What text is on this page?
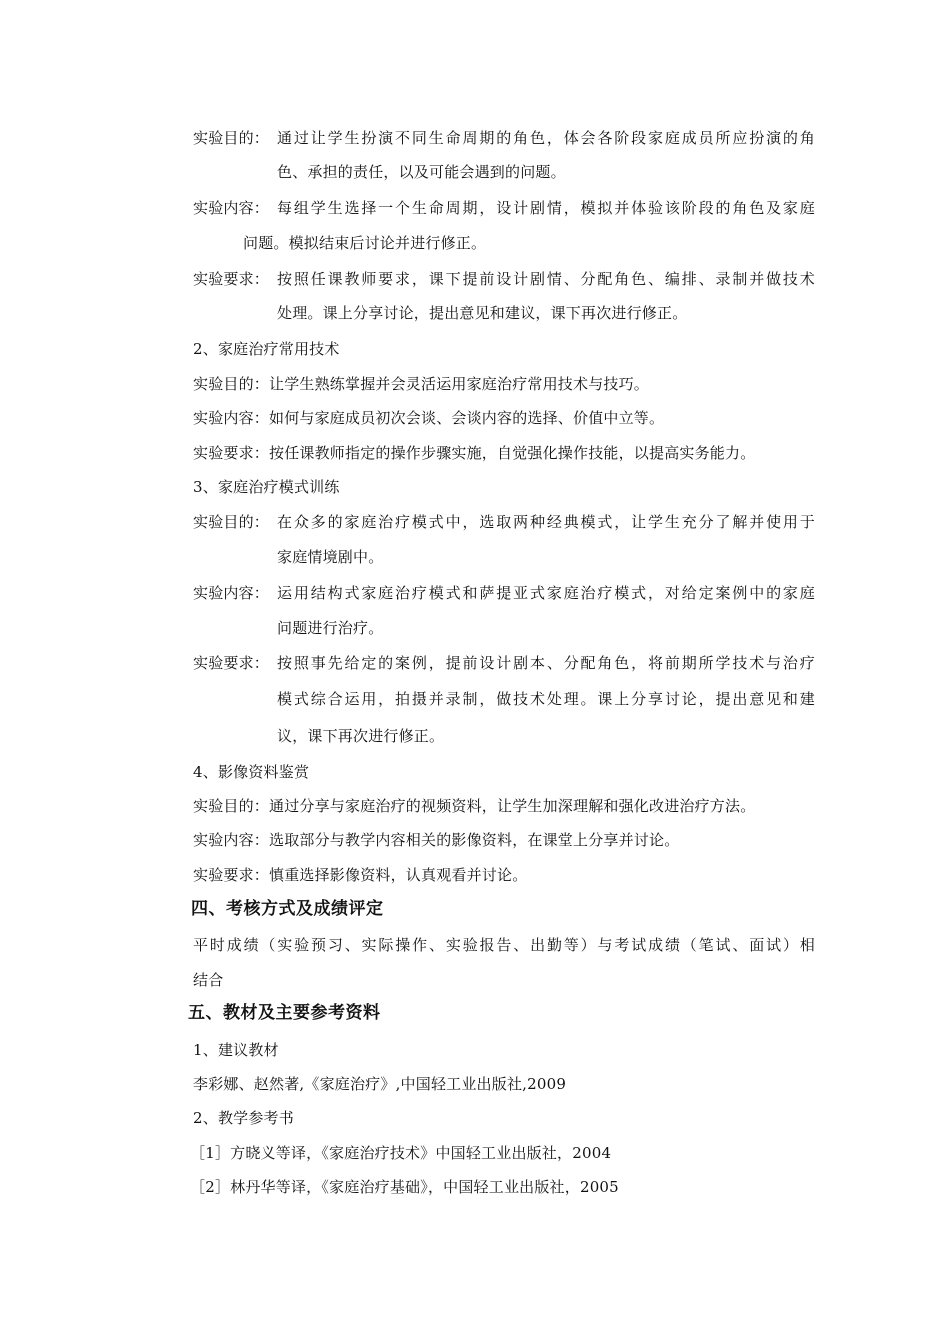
实验目的： 通过让学生扮演不同生命周期的角色，体会各阶段家庭成员所应扮演的角
色、承担的责任，以及可能会遇到的问题。
实验内容： 每组学生选择一个生命周期，设计剧情，模拟并体验该阶段的角色及家庭
问题。模拟结束后讨论并进行修正。
实验要求： 按照任课教师要求，课下提前设计剧情、分配角色、编排、录制并做技术
处理。课上分享讨论，提出意见和建议，课下再次进行修正。
2、家庭治疗常用技术
实验目的：让学生熟练掌握并会灵活运用家庭治疗常用技术与技巧。
实验内容：如何与家庭成员初次会谈、会谈内容的选择、价值中立等。
实验要求：按任课教师指定的操作步骤实施，自觉强化操作技能，以提高实务能力。
3、家庭治疗模式训练
实验目的： 在众多的家庭治疗模式中，选取两种经典模式，让学生充分了解并使用于
家庭情境剧中。
实验内容： 运用结构式家庭治疗模式和萨提亚式家庭治疗模式，对给定案例中的家庭
问题进行治疗。
实验要求： 按照事先给定的案例，提前设计剧本、分配角色，将前期所学技术与治疗
模式综合运用，拍摄并录制，做技术处理。课上分享讨论，提出意见和建
议，课下再次进行修正。
4、影像资料鉴赏
实验目的：通过分享与家庭治疗的视频资料，让学生加深理解和强化改进治疗方法。
实验内容：选取部分与教学内容相关的影像资料，在课堂上分享并讨论。
实验要求：慎重选择影像资料，认真观看并讨论。
四、考核方式及成绩评定
平时成绩（实验预习、实际操作、实验报告、出勤等）与考试成绩（笔试、面试）相
结合
五、教材及主要参考资料
1、建议教材
李彩娜、赵然著,《家庭治疗》,中国轻工业出版社,2009
2、教学参考书
［1］方晓义等译，《家庭治疗技术》中国轻工业出版社，2004
［2］林丹华等译，《家庭治疗基础》，中国轻工业出版社，2005
